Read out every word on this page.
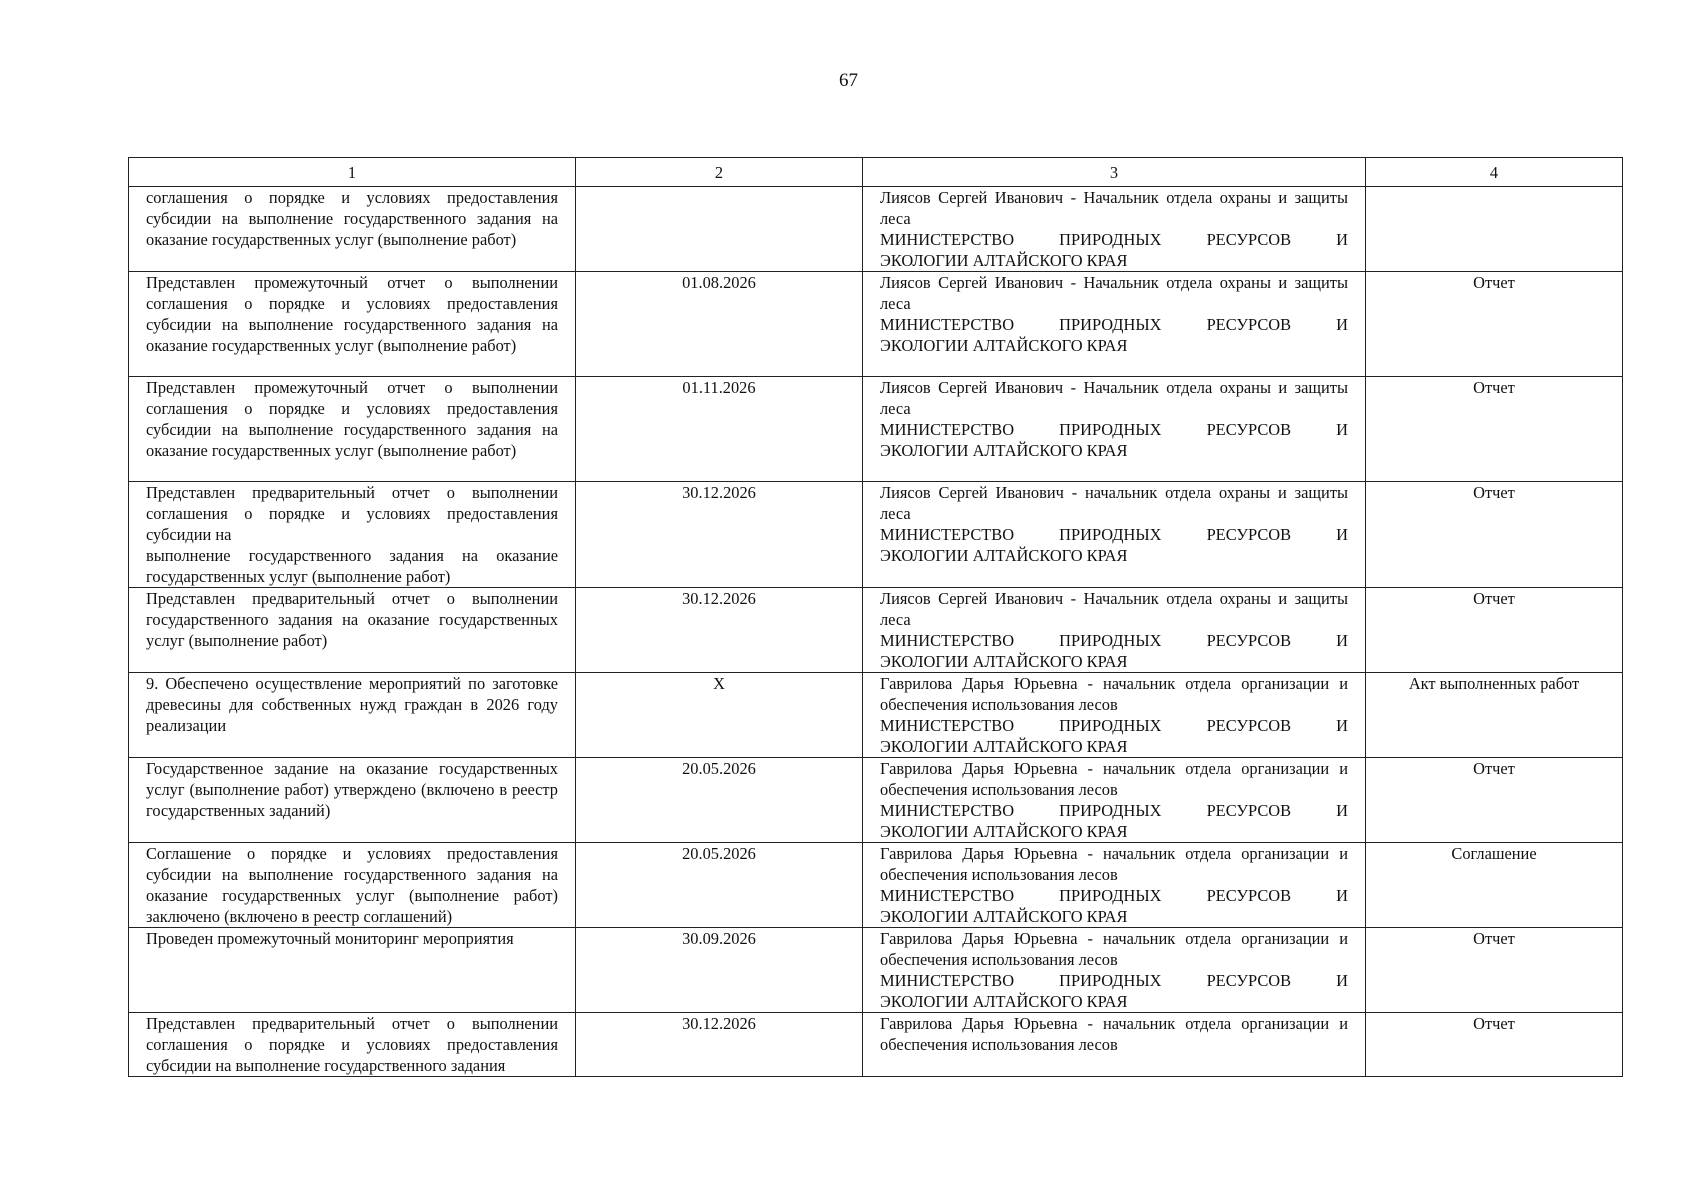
67
1	2	3	4
соглашения о порядке и условиях предоставления субсидии на выполнение государственного задания на оказание государственных услуг (выполнение работ)		Лиясов Сергей Иванович - Начальник отдела охраны и защиты леса
МИНИСТЕРСТВО ПРИРОДНЫХ РЕСУРСОВ И
ЭКОЛОГИИ АЛТАЙСКОГО КРАЯ	

Представлен промежуточный отчет о выполнении соглашения о порядке и условиях предоставления субсидии на выполнение государственного задания на оказание государственных услуг (выполнение работ)	01.08.2026	Лиясов Сергей Иванович - Начальник отдела охраны и защиты леса
МИНИСТЕРСТВО ПРИРОДНЫХ РЕСУРСОВ И
ЭКОЛОГИИ АЛТАЙСКОГО КРАЯ	Отчет
Представлен промежуточный отчет о выполнении соглашения о порядке и условиях предоставления субсидии на выполнение государственного задания на оказание государственных услуг (выполнение работ)	01.11.2026	Лиясов Сергей Иванович - Начальник отдела охраны и защиты леса
МИНИСТЕРСТВО ПРИРОДНЫХ РЕСУРСОВ И
ЭКОЛОГИИ АЛТАЙСКОГО КРАЯ	Отчет

Представлен предварительный отчет о выполнении соглашения о порядке и условиях предоставления субсидии на
выполнение государственного задания на оказание государственных услуг (выполнение работ)	30.12.2026	Лиясов Сергей Иванович - начальник отдела охраны и защиты леса
МИНИСТЕРСТВО ПРИРОДНЫХ РЕСУРСОВ И
ЭКОЛОГИИ АЛТАЙСКОГО КРАЯ	Отчет
Представлен предварительный отчет о выполнении государственного задания на оказание государственных услуг (выполнение работ)	30.12.2026	Лиясов Сергей Иванович - Начальник отдела охраны и защиты леса
МИНИСТЕРСТВО ПРИРОДНЫХ РЕСУРСОВ И
ЭКОЛОГИИ АЛТАЙСКОГО КРАЯ	Отчет
9. Обеспечено осуществление мероприятий по заготовке древесины для собственных нужд граждан в 2026 году реализации	X	Гаврилова Дарья Юрьевна - начальник отдела организации и обеспечения использования лесов
МИНИСТЕРСТВО ПРИРОДНЫХ РЕСУРСОВ И
ЭКОЛОГИИ АЛТАЙСКОГО КРАЯ	Акт выполненных работ
Государственное задание на оказание государственных услуг (выполнение работ) утверждено (включено в реестр государственных заданий)	20.05.2026	Гаврилова Дарья Юрьевна - начальник отдела организации и обеспечения использования лесов
МИНИСТЕРСТВО ПРИРОДНЫХ РЕСУРСОВ И
ЭКОЛОГИИ АЛТАЙСКОГО КРАЯ	Отчет
Соглашение о порядке и условиях предоставления субсидии на выполнение государственного задания на оказание государственных услуг (выполнение работ) заключено (включено в реестр соглашений)	20.05.2026	Гаврилова Дарья Юрьевна - начальник отдела организации и обеспечения использования лесов
МИНИСТЕРСТВО ПРИРОДНЫХ РЕСУРСОВ И
ЭКОЛОГИИ АЛТАЙСКОГО КРАЯ	Соглашение
Проведен промежуточный мониторинг мероприятия	30.09.2026	Гаврилова Дарья Юрьевна - начальник отдела организации и обеспечения использования лесов
МИНИСТЕРСТВО ПРИРОДНЫХ РЕСУРСОВ И
ЭКОЛОГИИ АЛТАЙСКОГО КРАЯ	Отчет
Представлен предварительный отчет о выполнении соглашения о порядке и условиях предоставления субсидии на выполнение государственного задания	30.12.2026	Гаврилова Дарья Юрьевна - начальник отдела организации и обеспечения использования лесов	Отчет
